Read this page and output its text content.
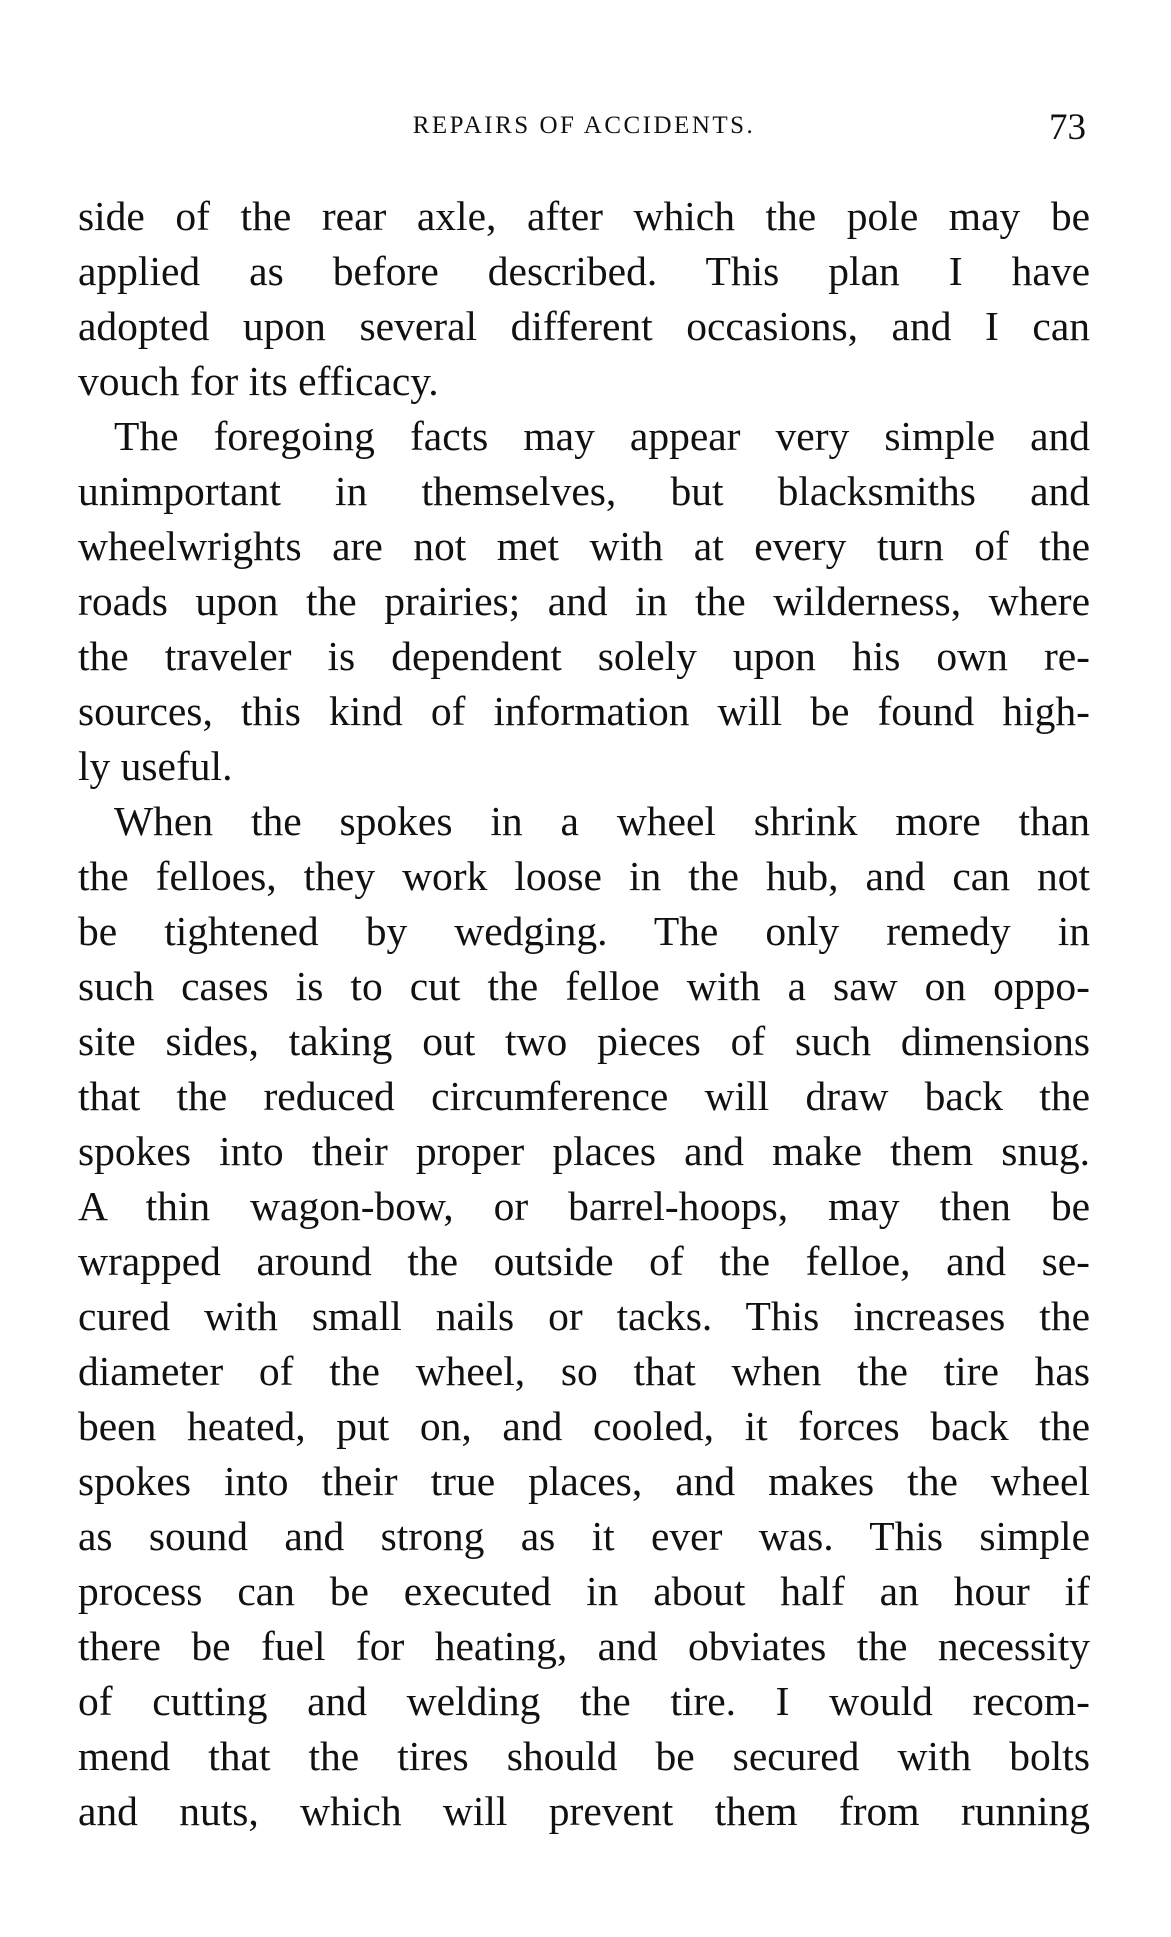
REPAIRS OF ACCIDENTS.	73
side of the rear axle, after which the pole may be
applied as before described. This plan I have
adopted upon several different occasions, and I can
vouch for its efficacy.
The foregoing facts may appear very simple and
unimportant in themselves, but blacksmiths and
wheelwrights are not met with at every turn of the
roads upon the prairies; and in the wilderness, where
the traveler is dependent solely upon his own re-
sources, this kind of information will be found high-
ly useful.
When the spokes in a wheel shrink more than
the felloes, they work loose in the hub, and can not
be tightened by wedging. The only remedy in
such cases is to cut the felloe with a saw on oppo-
site sides, taking out two pieces of such dimensions
that the reduced circumference will draw back the
spokes into their proper places and make them snug.
A thin wagon-bow, or barrel-hoops, may then be
wrapped around the outside of the felloe, and se-
cured with small nails or tacks. This increases the
diameter of the wheel, so that when the tire has
been heated, put on, and cooled, it forces back the
spokes into their true places, and makes the wheel
as sound and strong as it ever was. This simple
process can be executed in about half an hour if
there be fuel for heating, and obviates the necessity
of cutting and welding the tire. I would recom-
mend that the tires should be secured with bolts
and nuts, which will prevent them from running
